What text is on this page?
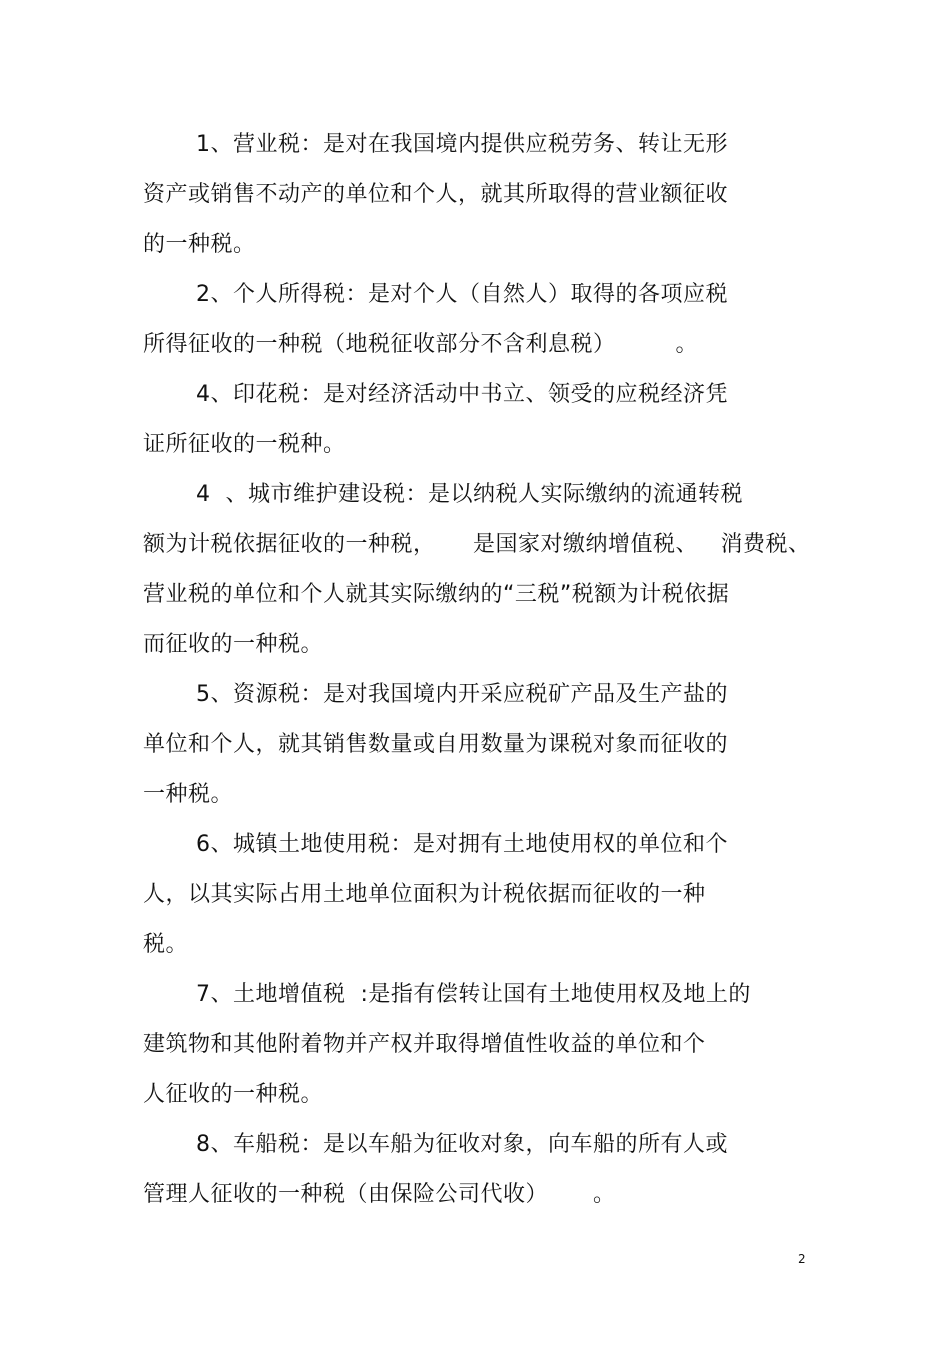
1、营业税：是对在我国境内提供应税劳务、转让无形
资产或销售不动产的单位和个人，就其所取得的营业额征收
的一种税。
2、个人所得税：是对个人（自然人）取得的各项应税
所得征收的一种税（地税征收部分不含利息税）        。
4、印花税：是对经济活动中书立、领受的应税经济凭
证所征收的一税种。
4  、城市维护建设税：是以纳税人实际缴纳的流通转税
额为计税依据征收的一种税，     是国家对缴纳增值税、   消费税、
营业税的单位和个人就其实际缴纳的“三税”税额为计税依据
而征收的一种税。
5、资源税：是对我国境内开采应税矿产品及生产盐的
单位和个人，就其销售数量或自用数量为课税对象而征收的
一种税。
6、城镇土地使用税：是对拥有土地使用权的单位和个
人，以其实际占用土地单位面积为计税依据而征收的一种
税。
7、土地增值税  :是指有偿转让国有土地使用权及地上的
建筑物和其他附着物并产权并取得增值性收益的单位和个
人征收的一种税。
8、车船税：是以车船为征收对象，向车船的所有人或
管理人征收的一种税（由保险公司代收）      。
2
